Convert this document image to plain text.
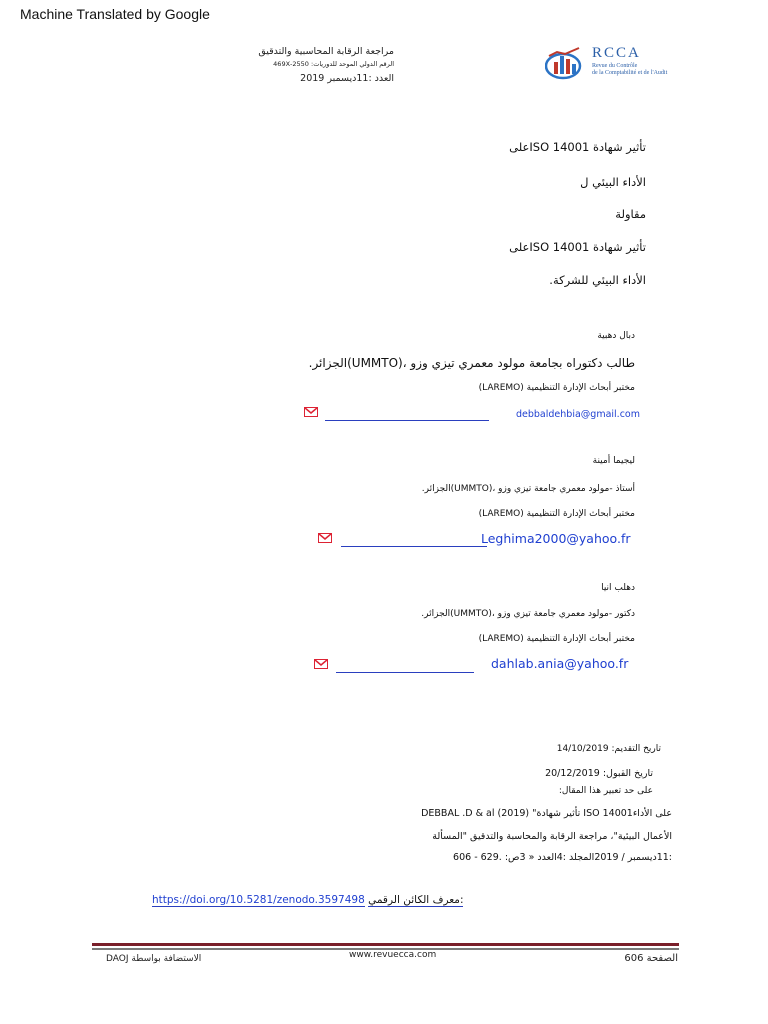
Machine Translated by Google
مراجعة الرقابة المحاسبية والتدقيق
الرقم الدولي الموحد للدوريات: 2550-469X
العدد :11ديسمبر 2019
RCCA
Revue du Contrôle
de la Comptabilité et de l'Audit
تأثير شهادة ISO 14001على
الأداء البيئي ل
مقاولة
تأثير شهادة ISO 14001على
الأداء البيئي للشركة.
دبال دهبية
طالب دكتوراه بجامعة مولود معمري تيزي وزو ،(UMMTO)الجزائر.
مختبر أبحاث الإدارة التنظيمية (LAREMO)
debbaldehbia@gmail.com
ليجيما أمينة
أستاذ -مولود معمري جامعة تيزي وزو ،(UMMTO)الجزائر.
مختبر أبحاث الإدارة التنظيمية (LAREMO)
Leghima2000@yahoo.fr
دهلب انيا
دكتور -مولود معمري جامعة تيزي وزو ،(UMMTO)الجزائر.
مختبر أبحاث الإدارة التنظيمية (LAREMO)
dahlab.ania@yahoo.fr
تاريخ التقديم: 14/10/2019
تاريخ القبول: 20/12/2019
على حد تعبير هذا المقال:
DEBBAL .D & al (2019) "تأثير شهادة ISO 14001على الأداء
الأعمال البيئية"، مراجعة الرقابة والمحاسبة والتدقيق "المسألة
:11ديسمبر / 2019المجلد :4العدد « 3ص: .629 - 606
https://doi.org/10.5281/zenodo.3597498 معرف الكائن الرقمي:
الاستضافة بواسطة DAOJ	www.revuecca.com	الصفحة 606
